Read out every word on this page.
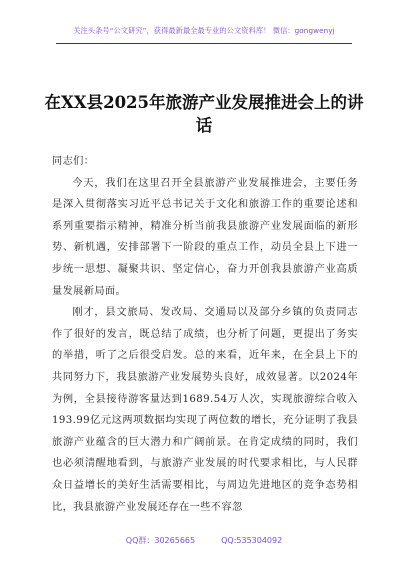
关注头条号“公文研究”，获得最新最全最专业的公文资料库！ 微信：gongwenyj
在XX县2025年旅游产业发展推进会上的讲话

同志们：

今天，我们在这里召开全县旅游产业发展推进会，主要任务是深入贯彻落实习近平总书记关于文化和旅游工作的重要论述和系列重要指示精神，精准分析当前我县旅游产业发展面临的新形势、新机遇，安排部署下一阶段的重点工作，动员全县上下进一步统一思想、凝聚共识、坚定信心，奋力开创我县旅游产业高质量发展新局面。

刚才，县文旅局、发改局、交通局以及部分乡镇的负责同志作了很好的发言，既总结了成绩，也分析了问题，更提出了务实的举措，听了之后很受启发。总的来看，近年来，在全县上下的共同努力下，我县旅游产业发展势头良好，成效显著。以2024年为例，全县接待游客量达到1689.54万人次，实现旅游综合收入193.99亿元这两项数据均实现了两位数的增长，充分证明了我县旅游产业蕴含的巨大潜力和广阔前景。在肯定成绩的同时，我们也必须清醒地看到，与旅游产业发展的时代要求相比，与人民群众日益增长的美好生活需要相比，与周边先进地区的竞争态势相比，我县旅游产业发展还存在一些不容忽

QQ群：30265665	QQ:535304092
